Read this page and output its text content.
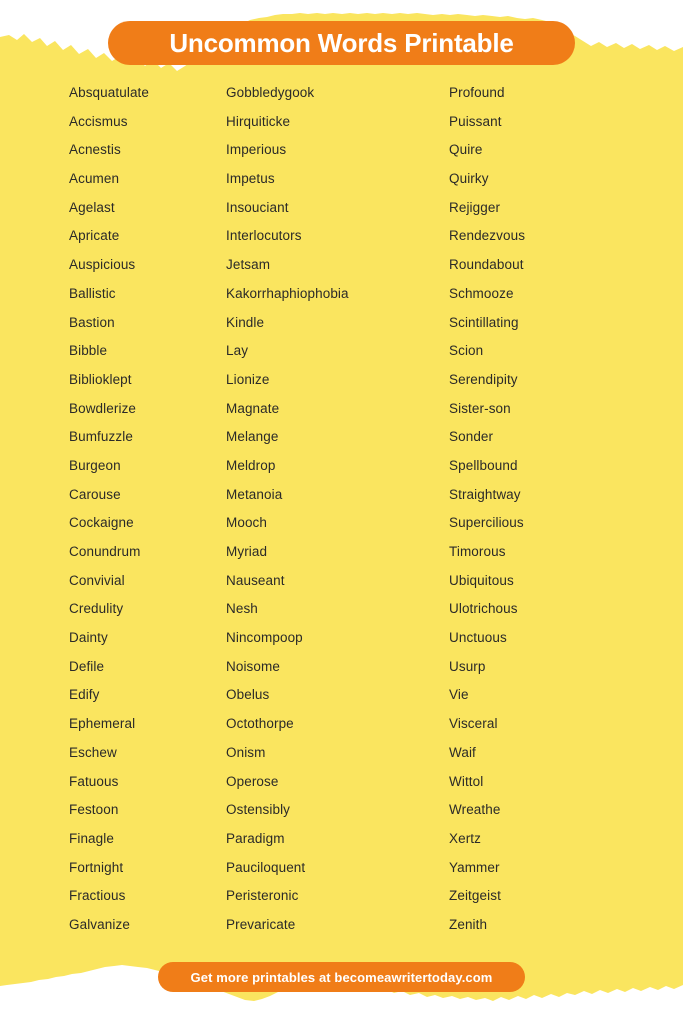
Uncommon Words Printable
Absquatulate
Accismus
Acnestis
Acumen
Agelast
Apricate
Auspicious
Ballistic
Bastion
Bibble
Biblioklept
Bowdlerize
Bumfuzzle
Burgeon
Carouse
Cockaigne
Conundrum
Convivial
Credulity
Dainty
Defile
Edify
Ephemeral
Eschew
Fatuous
Festoon
Finagle
Fortnight
Fractious
Galvanize
Gobbledygook
Hirquiticke
Imperious
Impetus
Insouciant
Interlocutors
Jetsam
Kakorrhaphiophobia
Kindle
Lay
Lionize
Magnate
Melange
Meldrop
Metanoia
Mooch
Myriad
Nauseant
Nesh
Nincompoop
Noisome
Obelus
Octothorpe
Onism
Operose
Ostensibly
Paradigm
Pauciloquent
Peristeronic
Prevaricate
Profound
Puissant
Quire
Quirky
Rejigger
Rendezvous
Roundabout
Schmooze
Scintillating
Scion
Serendipity
Sister-son
Sonder
Spellbound
Straightway
Supercilious
Timorous
Ubiquitous
Ulotrichous
Unctuous
Usurp
Vie
Visceral
Waif
Wittol
Wreathe
Xertz
Yammer
Zeitgeist
Zenith
Get more printables at becomeawritertoday.com
